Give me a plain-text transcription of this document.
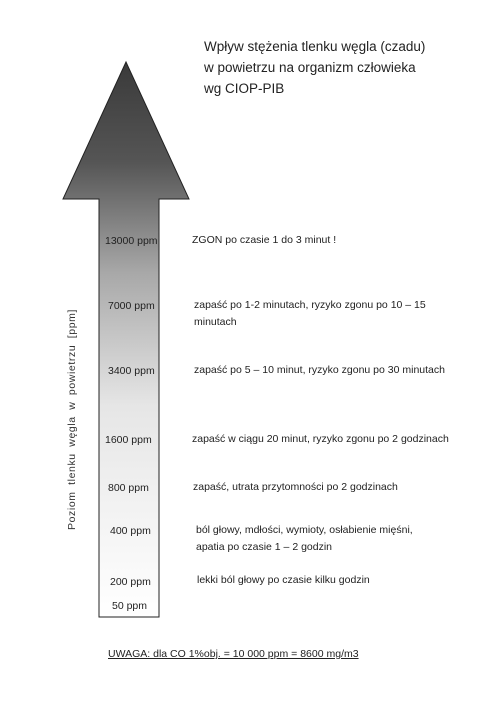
Wpływ stężenia tlenku węgla (czadu)
w powietrzu na organizm człowieka
wg CIOP-PIB
Poziom tlenku węgla w powietrzu [ppm]
13000 ppm	ZGON po czasie 1 do 3 minut !
7000 ppm	zapaść po 1-2 minutach, ryzyko zgonu po 10 – 15
minutach
3400 ppm	zapaść po 5 – 10 minut, ryzyko zgonu po 30 minutach
1600 ppm	zapaść w ciągu 20 minut, ryzyko zgonu po 2 godzinach
800 ppm	zapaść, utrata przytomności po 2 godzinach
400 ppm	ból głowy, mdłości, wymioty, osłabienie mięśni,
apatia po czasie 1 – 2 godzin
200 ppm	lekki ból głowy po czasie kilku godzin
50 ppm
UWAGA: dla CO 1%obj. = 10 000 ppm = 8600 mg/m3
